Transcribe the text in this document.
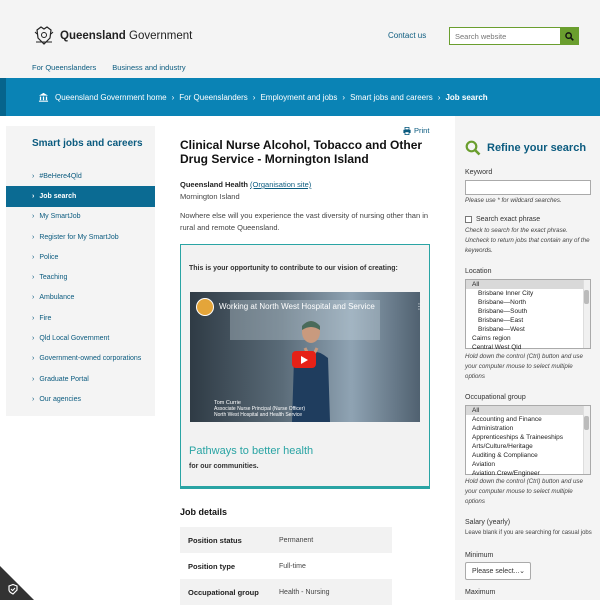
Queensland Government	Contact us
Search website
For Queenslanders Business and industry
Queensland Government home › For Queenslanders › Employment and jobs › Smart jobs and careers › Job search
Smart jobs and careers
› #BeHere4Qld
› Job search
› My SmartJob
› Register for My SmartJob
› Police
› Teaching
› Ambulance
› Fire
› Qld Local Government
› Government-owned corporations
› Graduate Portal
› Our agencies
Print
Clinical Nurse Alcohol, Tobacco and Other Drug Service - Mornington Island
Queensland Health (Organisation site)
Mornington Island

Nowhere else will you experience the vast diversity of nursing other than in rural and remote Queensland.

This is your opportunity to contribute to our vision of creating:
Working at North West Hospital and Service	⋮
Tom Currie
Associate Nurse Principal (Nurse Officer)
North West Hospital and Health Service
Pathways to better health
for our communities.
Job details
Position status	Permanent
Position type	Full-time
Occupational group	Health - Nursing
Refine your search
Keyword
Please use * for wildcard searches.
Search exact phrase
Check to search for the exact phrase. Uncheck to return jobs that contain any of the keywords.
Location
All
Brisbane Inner City
Brisbane—North
Brisbane—South
Brisbane—East
Brisbane—West
Cairns region
Central West Qld
Hold down the control (Ctrl) button and use your computer mouse to select multiple options
Occupational group
All
Accounting and Finance
Administration
Apprenticeships & Traineeships
Arts/Culture/Heritage
Auditing & Compliance
Aviation
Aviation Crew/Engineer
Hold down the control (Ctrl) button and use your computer mouse to select multiple options
Salary (yearly)
Leave blank if you are searching for casual jobs
Minimum
Please select... ⌄
Maximum
